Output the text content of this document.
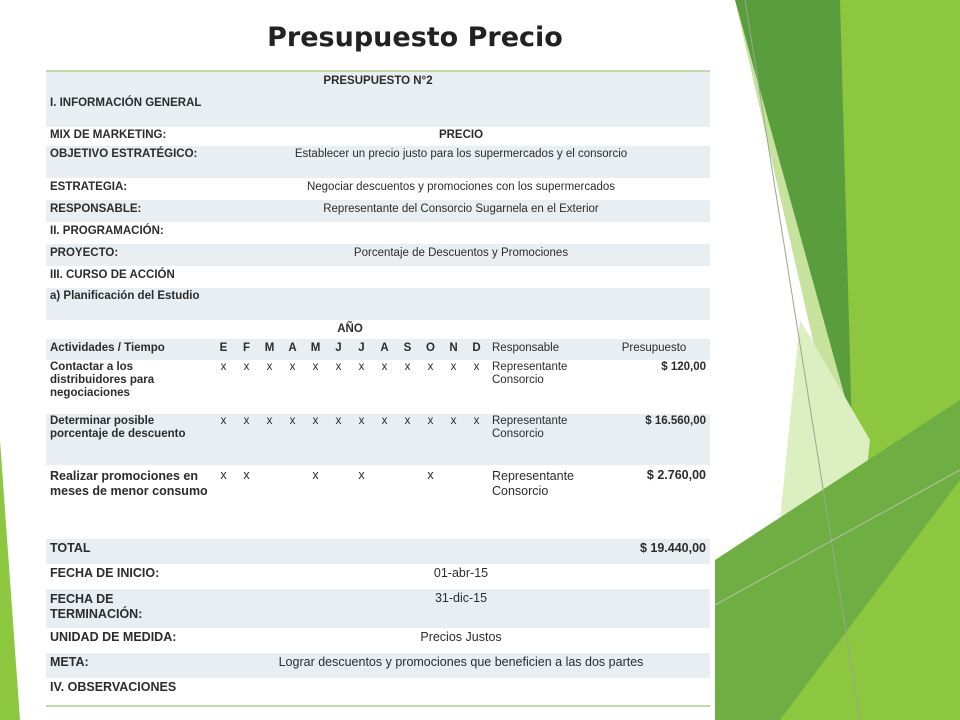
Presupuesto Precio
PRESUPUESTO N°2														
I. INFORMACIÓN GENERAL														
MIX DE MARKETING:	PRECIO													
OBJETIVO ESTRATÉGICO:	Establecer un precio justo para los supermercados y el consorcio													
ESTRATEGIA:	Negociar descuentos y promociones con los supermercados													
RESPONSABLE:	Representante del Consorcio Sugarnela en el Exterior													
II. PROGRAMACIÓN:														
PROYECTO:	Porcentaje de Descuentos y Promociones													
III. CURSO DE ACCIÓN														
a) Planificación del Estudio														
	AÑO													
Actividades / Tiempo	E	F	M	A	M	J	J	A	S	O	N	D	Responsable	Presupuesto
Contactar a los distribuidores para negociaciones	x	x	x	x	x	x	x	x	x	x	x	x	Representante Consorcio	$ 120,00
Determinar posible porcentaje de descuento	x	x	x	x	x	x	x	x	x	x	x	x	Representante Consorcio	$ 16.560,00
Realizar promociones en meses de menor consumo	x	x			x		x			x			Representante Consorcio	$ 2.760,00
TOTAL														$ 19.440,00
FECHA DE INICIO:	01-abr-15													
FECHA DE TERMINACIÓN:	31-dic-15													
UNIDAD DE MEDIDA:	Precios Justos													
META:	Lograr descuentos y promociones que beneficien a las dos partes													
IV. OBSERVACIONES														
